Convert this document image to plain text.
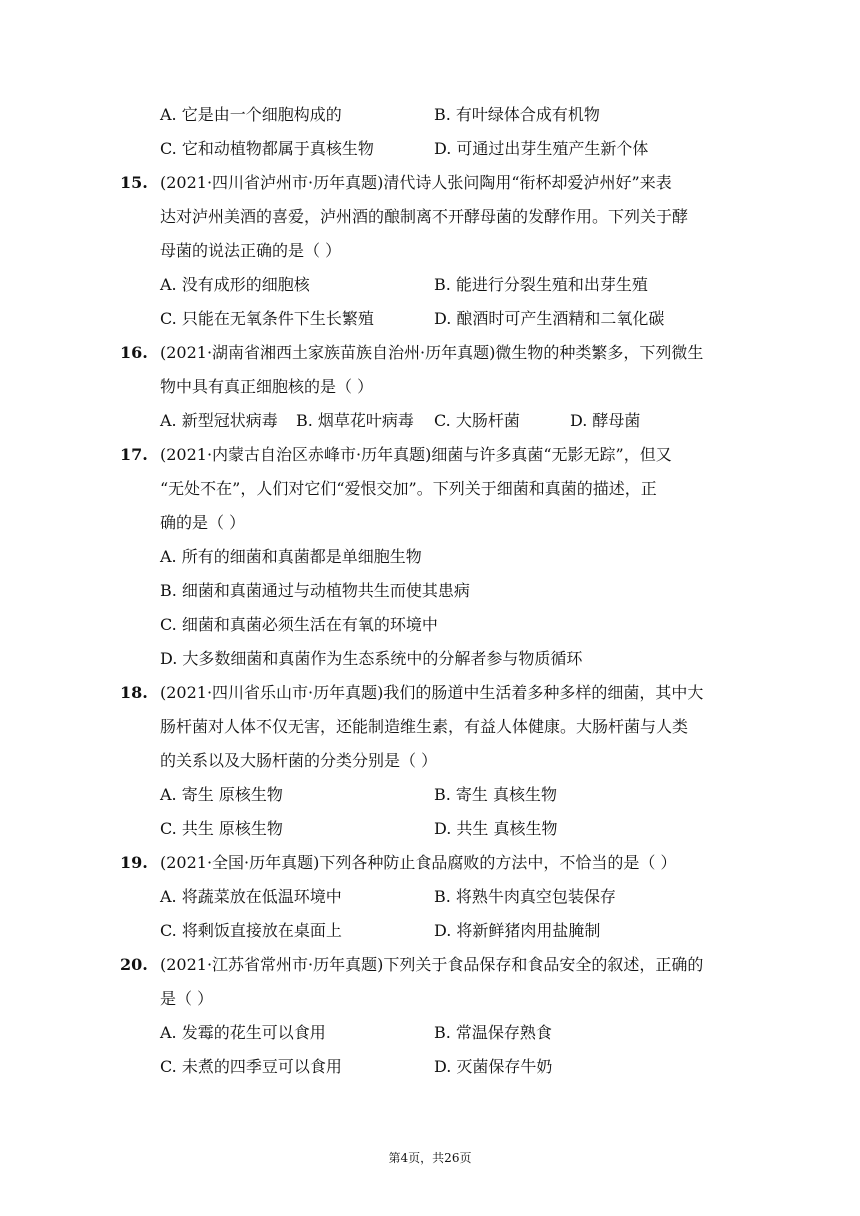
A. 它是由一个细胞构成的	B. 有叶绿体合成有机物
C. 它和动植物都属于真核生物	D. 可通过出芽生殖产生新个体
15. (2021·四川省泸州市·历年真题)清代诗人张问陶用“衔杯却爱泸州好”来表
达对泸州美酒的喜爱，泸州酒的酿制离不开酵母菌的发酵作用。下列关于酵
母菌的说法正确的是（ ）
A. 没有成形的细胞核	B. 能进行分裂生殖和出芽生殖
C. 只能在无氧条件下生长繁殖	D. 酿酒时可产生酒精和二氧化碳
16. (2021·湖南省湘西土家族苗族自治州·历年真题)微生物的种类繁多，下列微生
物中具有真正细胞核的是（ ）
A. 新型冠状病毒 B. 烟草花叶病毒 C. 大肠杆菌	D. 酵母菌
17. (2021·内蒙古自治区赤峰市·历年真题)细菌与许多真菌“无影无踪”，但又
“无处不在”，人们对它们“爱恨交加”。下列关于细菌和真菌的描述，正
确的是（ ）
A. 所有的细菌和真菌都是单细胞生物
B. 细菌和真菌通过与动植物共生而使其患病
C. 细菌和真菌必须生活在有氧的环境中
D. 大多数细菌和真菌作为生态系统中的分解者参与物质循环
18. (2021·四川省乐山市·历年真题)我们的肠道中生活着多种多样的细菌，其中大
肠杆菌对人体不仅无害，还能制造维生素，有益人体健康。大肠杆菌与人类
的关系以及大肠杆菌的分类分别是（ ）
A. 寄生 原核生物	B. 寄生 真核生物
C. 共生 原核生物	D. 共生 真核生物
19. (2021·全国·历年真题)下列各种防止食品腐败的方法中，不恰当的是（ ）
A. 将蔬菜放在低温环境中	B. 将熟牛肉真空包装保存
C. 将剩饭直接放在桌面上	D. 将新鲜猪肉用盐腌制
20. (2021·江苏省常州市·历年真题)下列关于食品保存和食品安全的叙述，正确的
是（ ）
A. 发霉的花生可以食用	B. 常温保存熟食
C. 未煮的四季豆可以食用	D. 灭菌保存牛奶
第4页，共26页
